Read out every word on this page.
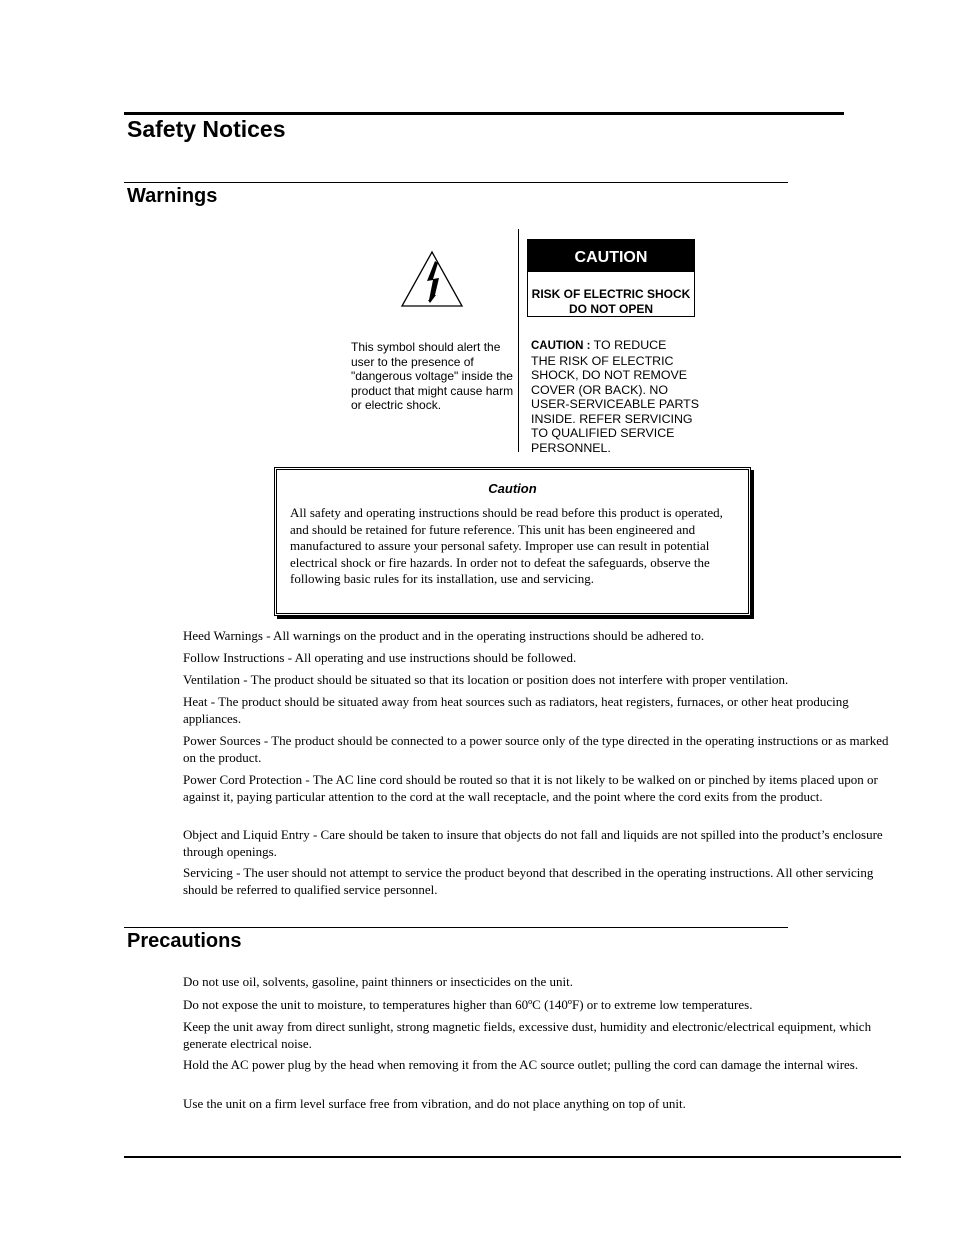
Safety Notices
Warnings
This symbol should alert the user to the presence of "dangerous voltage" inside the product that might cause harm or electric shock.
CAUTION
RISK OF ELECTRIC SHOCK
DO NOT OPEN
CAUTION : TO REDUCE
THE RISK OF ELECTRIC SHOCK, DO NOT REMOVE COVER (OR BACK). NO USER-SERVICEABLE PARTS INSIDE. REFER SERVICING TO QUALIFIED SERVICE PERSONNEL.
Caution
All safety and operating instructions should be read before this product is operated, and should be retained for future reference. This unit has been engineered and manufactured to assure your personal safety. Improper use can result in potential electrical shock or fire hazards. In order not to defeat the safeguards, observe the following basic rules for its installation, use and servicing.
Heed Warnings - All warnings on the product and in the operating instructions should be adhered to.
Follow Instructions - All operating and use instructions should be followed.
Ventilation - The product should be situated so that its location or position does not interfere with proper ventilation.
Heat - The product should be situated away from heat sources such as radiators, heat registers, furnaces, or other heat producing appliances.
Power Sources - The product should be connected to a power source only of the type directed in the operating instructions or as marked on the product.
Power Cord Protection - The AC line cord should be routed so that it is not likely to be walked on or pinched by items placed upon or against it, paying particular attention to the cord at the wall receptacle, and the point where the cord exits from the product.
Object and Liquid Entry - Care should be taken to insure that objects do not fall and liquids are not spilled into the product’s enclosure through openings.
Servicing - The user should not attempt to service the product beyond that described in the operating instructions. All other servicing should be referred to qualified service personnel.
Precautions
Do not use oil, solvents, gasoline, paint thinners or insecticides on the unit.
Do not expose the unit to moisture, to temperatures higher than 60ºC (140ºF) or to extreme low temperatures.
Keep the unit away from direct sunlight, strong magnetic fields, excessive dust, humidity and electronic/electrical equipment, which generate electrical noise.
Hold the AC power plug by the head when removing it from the AC source outlet; pulling the cord can damage the internal wires.
Use the unit on a firm level surface free from vibration, and do not place anything on top of unit.
